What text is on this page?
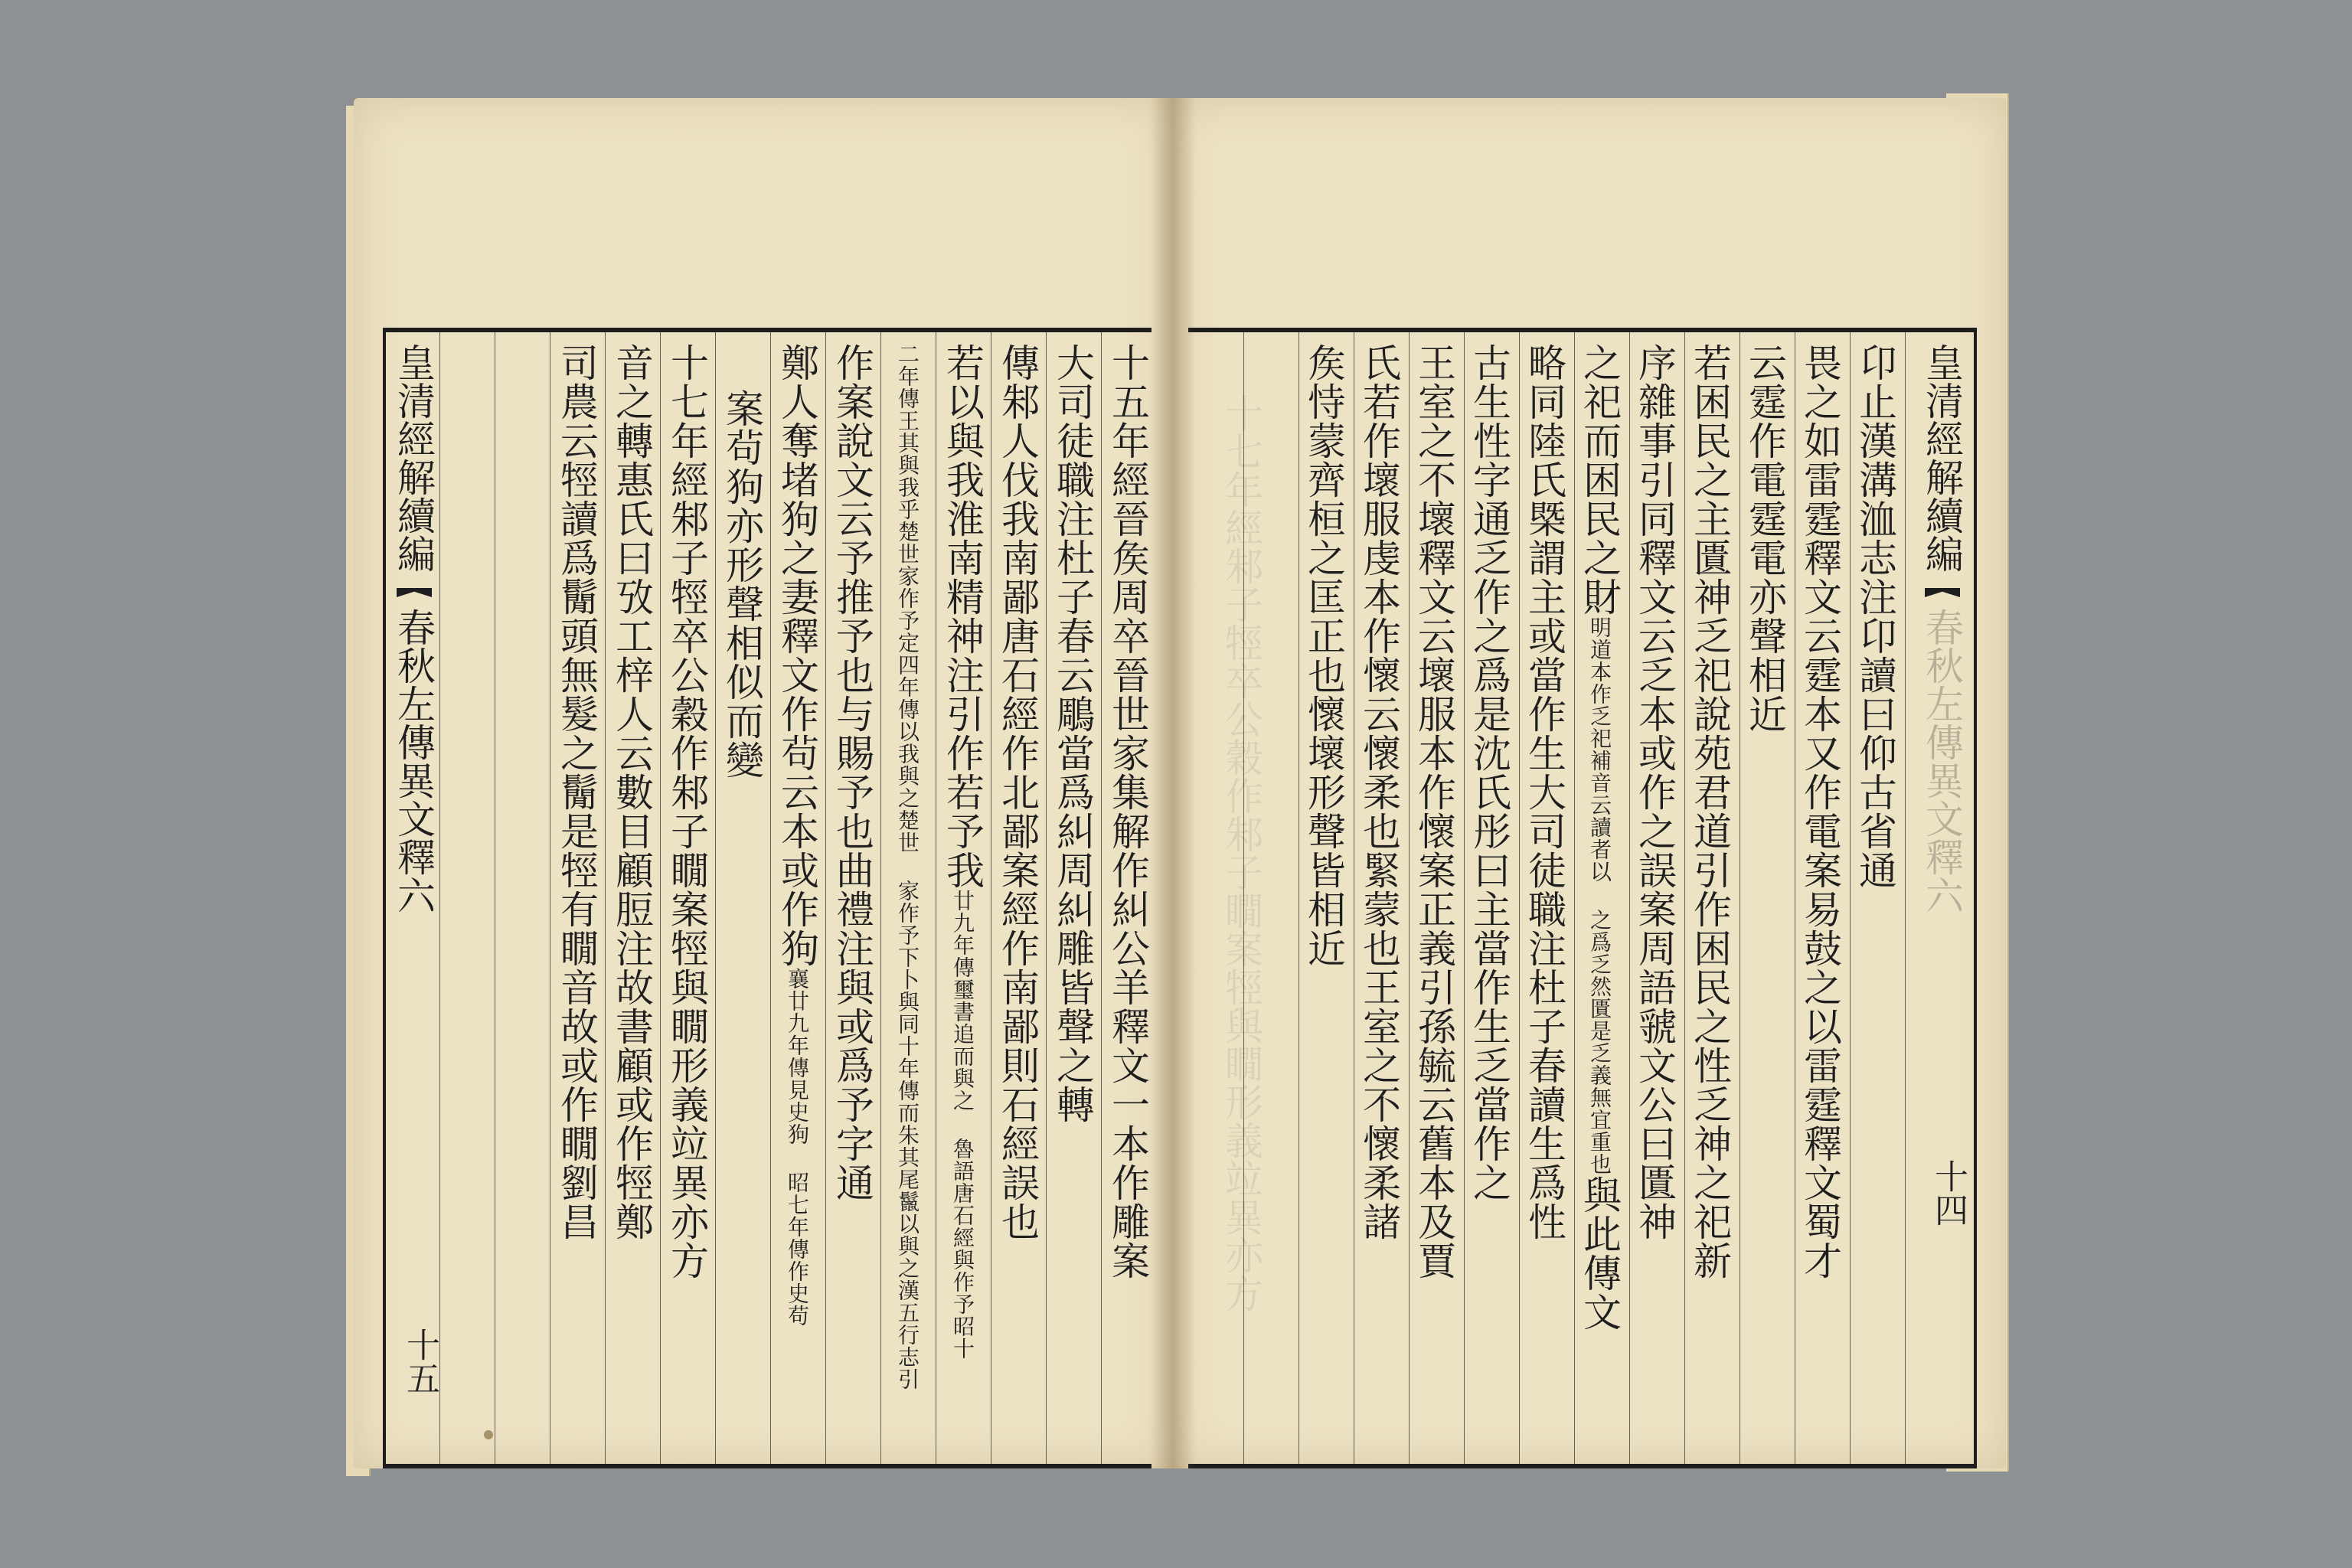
皇清經解續編
春秋左傳異文釋六
十五
十五年經晉矦周卒晉世家集解作糾公羊釋文一本作雕案
大司徒職注杜子春云鵰當爲糾周糾雕皆聲之轉
傳邾人伐我南鄙唐石經作北鄙案經作南鄙則石經誤也
若以與我淮南精神注引作若予我廿九年傳璽書追而與之 魯語唐石經與作予昭十
二年傳王其與我乎楚世家作予定四年傳以我與之楚世 家作予下卜與同十年傳而朱其尾鬣以與之漢五行志引
作案說文云予推予也与賜予也曲禮注與或爲予字通
鄭人奪堵狗之妻釋文作茍云本或作狗襄廿九年傳見史狗 昭七年傳作史苟
案茍狗亦形聲相似而變
十七年經邾子牼卒公穀作邾子瞯案牼與瞯形義竝異亦方
音之轉惠氏曰攷工梓人云數目顧脰注故書顧或作牼鄭
司農云牼讀爲鬜頭無髮之鬜是牼有瞯音故或作瞯劉昌	卬止漢溝洫志注卬讀曰仰古省通
畏之如雷霆釋文云霆本又作電案易鼓之以雷霆釋文蜀才
云霆作電霆電亦聲相近
若困民之主匱神乏祀說苑君道引作困民之性乏神之祀新
序雜事引同釋文云乏本或作之誤案周語虢文公曰匱神
之祀而困民之財明道本作乏祀補音云讀者以 之爲乏然匱是乏義無宜重也與此傳文
略同陸氏槩謂主或當作生大司徒職注杜子春讀生爲性
古生性字通乏作之爲是沈氏彤曰主當作生乏當作之
王室之不壞釋文云壞服本作懷案正義引孫毓云舊本及賈
氏若作壞服虔本作懷云懷柔也緊蒙也王室之不懷柔諸
矦恃蒙齊桓之匡正也懷壞形聲皆相近	皇清經解續編
春秋左傳異文釋六
十四
十七年經邾子牼卒公穀作邾子瞯案牼與瞯形義竝異亦方
